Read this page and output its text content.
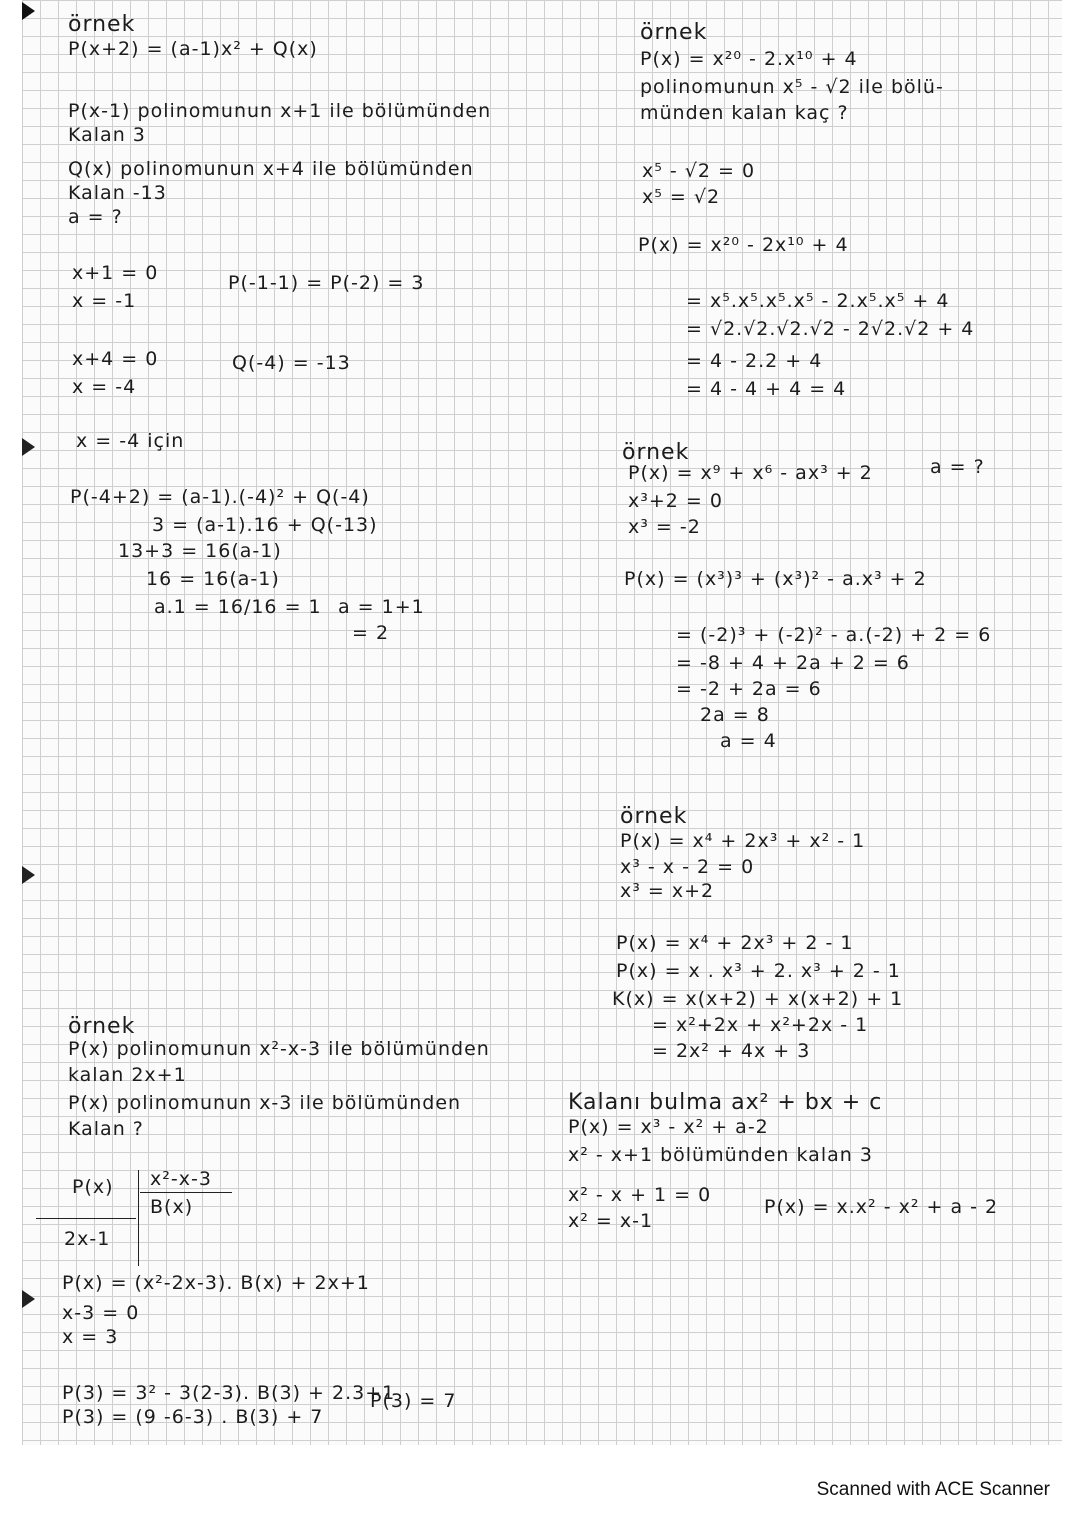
örnek
P(x+2) = (a-1)x² + Q(x)
P(x-1) polinomunun x+1 ile bölümünden
Kalan 3
Q(x) polinomunun x+4 ile bölümünden
Kalan -13
a = ?
x+1 = 0
x = -1
P(-1-1) = P(-2) = 3
x+4 = 0
x = -4
Q(-4) = -13
x = -4 için
P(-4+2) = (a-1).(-4)² + Q(-4)
3 = (a-1).16 + Q(-13)
13+3 = 16(a-1)
16 = 16(a-1)
a.1 = 16/16 = 1 a = 1+1
= 2
örnek
P(x) polinomunun x²-x-3 ile bölümünden
kalan 2x+1
P(x) polinomunun x-3 ile bölümünden
Kalan ?
P(x) x²-x-3
B(x)
2x-1
P(x) = (x²-2x-3). B(x) + 2x+1
x-3 = 0
x = 3
P(3) = 3² - 3(2-3). B(3) + 2.3+1
P(3) = (9 -6-3) . B(3) + 7
P(3) = 7
örnek
P(x) = x²⁰ - 2.x¹⁰ + 4
polinomunun x⁵ - √2 ile bölü-
münden kalan kaç ?
x⁵ - √2 = 0
x⁵ = √2
P(x) = x²⁰ - 2x¹⁰ + 4
= x⁵.x⁵.x⁵.x⁵ - 2.x⁵.x⁵ + 4
= √2.√2.√2.√2 - 2√2.√2 + 4
= 4 - 2.2 + 4
= 4 - 4 + 4 = 4
örnek
P(x) = x⁹ + x⁶ - ax³ + 2	a = ?
x³+2 = 0
x³ = -2
P(x) = (x³)³ + (x³)² - a.x³ + 2
= (-2)³ + (-2)² - a.(-2) + 2 = 6
= -8 + 4 + 2a + 2 = 6
= -2 + 2a = 6
2a = 8
a = 4
örnek
P(x) = x⁴ + 2x³ + x² - 1
x³ - x - 2 = 0
x³ = x+2
P(x) = x⁴ + 2x³ + 2 - 1
P(x) = x . x³ + 2. x³ + 2 - 1
K(x) = x(x+2) + x(x+2) + 1
= x²+2x + x²+2x - 1
= 2x² + 4x + 3
Kalanı bulma ax² + bx + c
P(x) = x³ - x² + a-2
x² - x+1 bölümünden kalan 3
x² - x + 1 = 0
x² = x-1
P(x) = x.x² - x² + a - 2
Scanned with ACE Scanner
